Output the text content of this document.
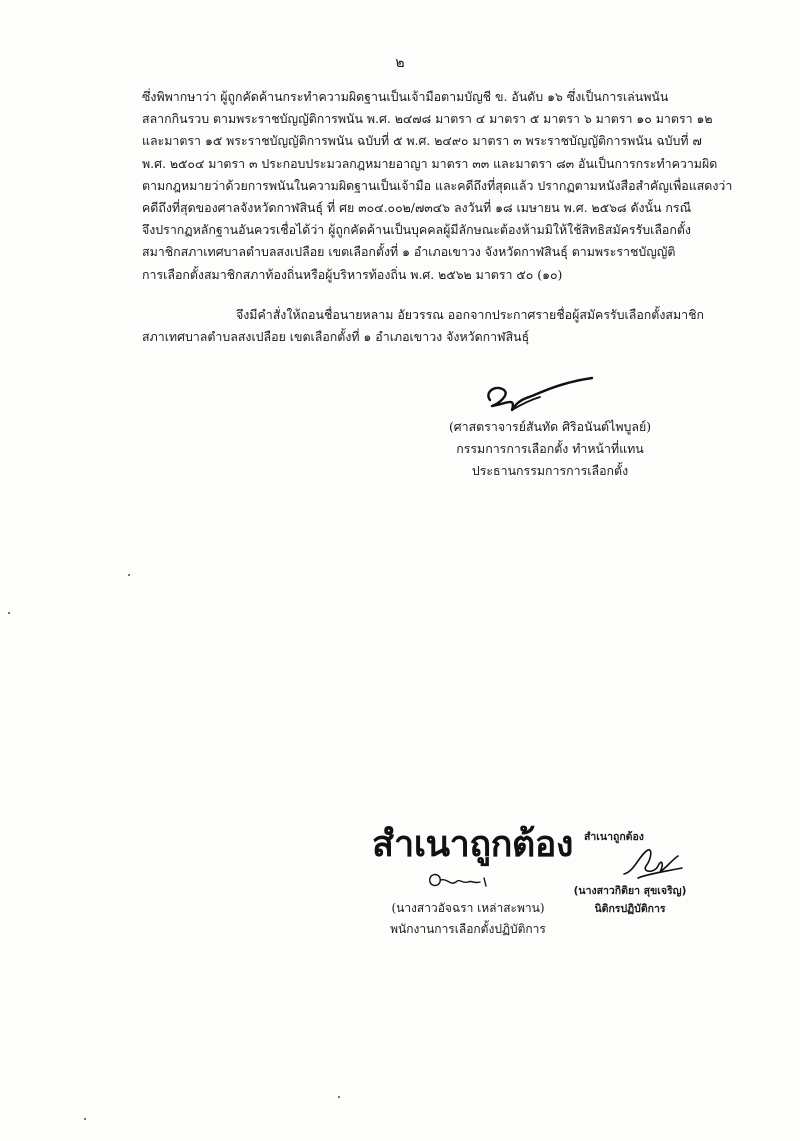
๒
ซึ่งพิพากษาว่า ผู้ถูกคัดค้านกระทำความผิดฐานเป็นเจ้ามือตามบัญชี ข. อันดับ ๑๖ ซึ่งเป็นการเล่นพนัน
สลากกินรวบ ตามพระราชบัญญัติการพนัน พ.ศ. ๒๔๗๘ มาตรา ๔ มาตรา ๕ มาตรา ๖ มาตรา ๑๐ มาตรา ๑๒
และมาตรา ๑๕ พระราชบัญญัติการพนัน ฉบับที่ ๕ พ.ศ. ๒๔๙๐ มาตรา ๓ พระราชบัญญัติการพนัน ฉบับที่ ๗
พ.ศ. ๒๕๐๔ มาตรา ๓ ประกอบประมวลกฎหมายอาญา มาตรา ๓๓ และมาตรา ๘๓ อันเป็นการกระทำความผิด
ตามกฎหมายว่าด้วยการพนันในความผิดฐานเป็นเจ้ามือ และคดีถึงที่สุดแล้ว ปรากฏตามหนังสือสำคัญเพื่อแสดงว่า
คดีถึงที่สุดของศาลจังหวัดกาฬสินธุ์ ที่ ศย ๓๐๔.๐๐๒/๗๓๔๖ ลงวันที่ ๑๘ เมษายน พ.ศ. ๒๕๖๘ ดังนั้น กรณี
จึงปรากฏหลักฐานอันควรเชื่อได้ว่า ผู้ถูกคัดค้านเป็นบุคคลผู้มีลักษณะต้องห้ามมิให้ใช้สิทธิสมัครรับเลือกตั้ง
สมาชิกสภาเทศบาลตำบลสงเปลือย เขตเลือกตั้งที่ ๑ อำเภอเขาวง จังหวัดกาฬสินธุ์ ตามพระราชบัญญัติ
การเลือกตั้งสมาชิกสภาท้องถิ่นหรือผู้บริหารท้องถิ่น พ.ศ. ๒๕๖๒ มาตรา ๕๐ (๑๐)
จึงมีคำสั่งให้ถอนชื่อนายหลาม อัยวรรณ ออกจากประกาศรายชื่อผู้สมัครรับเลือกตั้งสมาชิก
สภาเทศบาลตำบลสงเปลือย เขตเลือกตั้งที่ ๑ อำเภอเขาวง จังหวัดกาฬสินธุ์
(ศาสตราจารย์สันทัด ศิริอนันต์ไพบูลย์)
กรรมการการเลือกตั้ง ทำหน้าที่แทน
ประธานกรรมการการเลือกตั้ง
สำเนาถูกต้อง
(นางสาวอัจฉรา เหล่าสะพาน)
พนักงานการเลือกตั้งปฏิบัติการ
สำเนาถูกต้อง
(นางสาวกิติยา สุขเจริญ)
นิติกรปฏิบัติการ
